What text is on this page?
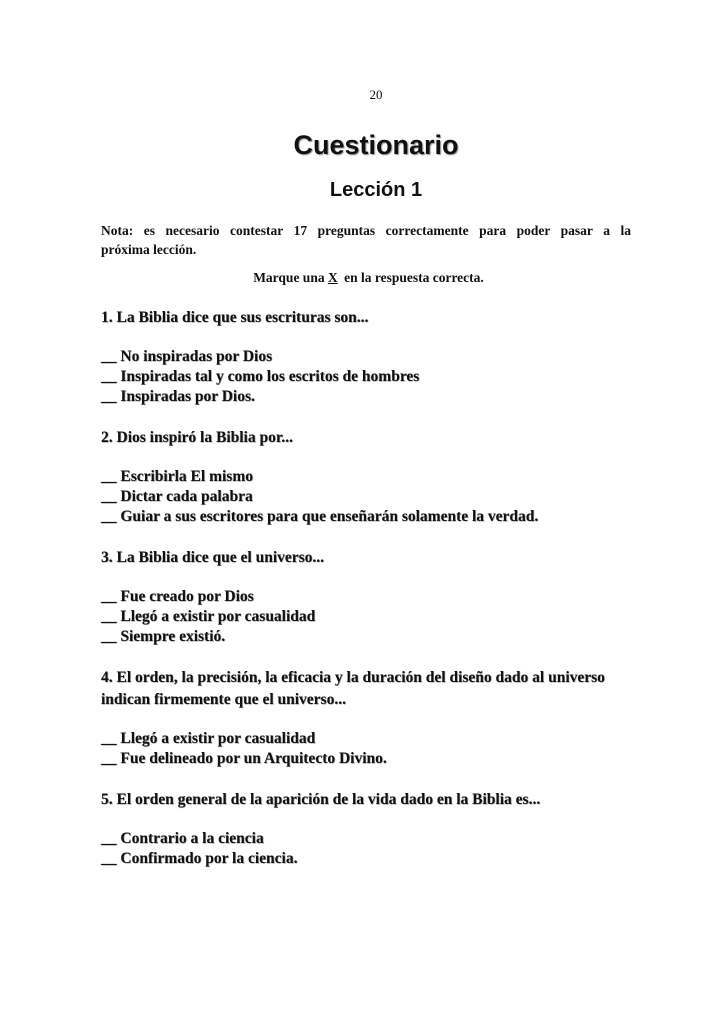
20
Cuestionario
Lección 1
Nota: es necesario contestar 17 preguntas correctamente para poder pasar a la
próxima lección.
Marque una X en la respuesta correcta.
1. La Biblia dice que sus escrituras son...
__ No inspiradas por Dios
__ Inspiradas tal y como los escritos de hombres
__ Inspiradas por Dios.
2. Dios inspiró la Biblia por...
__ Escribirla El mismo
__ Dictar cada palabra
__ Guiar a sus escritores para que enseñarán solamente la verdad.
3. La Biblia dice que el universo...
__ Fue creado por Dios
__ Llegó a existir por casualidad
__ Siempre existió.
4. El orden, la precisión, la eficacia y la duración del diseño dado al universo
indican firmemente que el universo...
__ Llegó a existir por casualidad
__ Fue delineado por un Arquitecto Divino.
5. El orden general de la aparición de la vida dado en la Biblia es...
__ Contrario a la ciencia
__ Confirmado por la ciencia.
